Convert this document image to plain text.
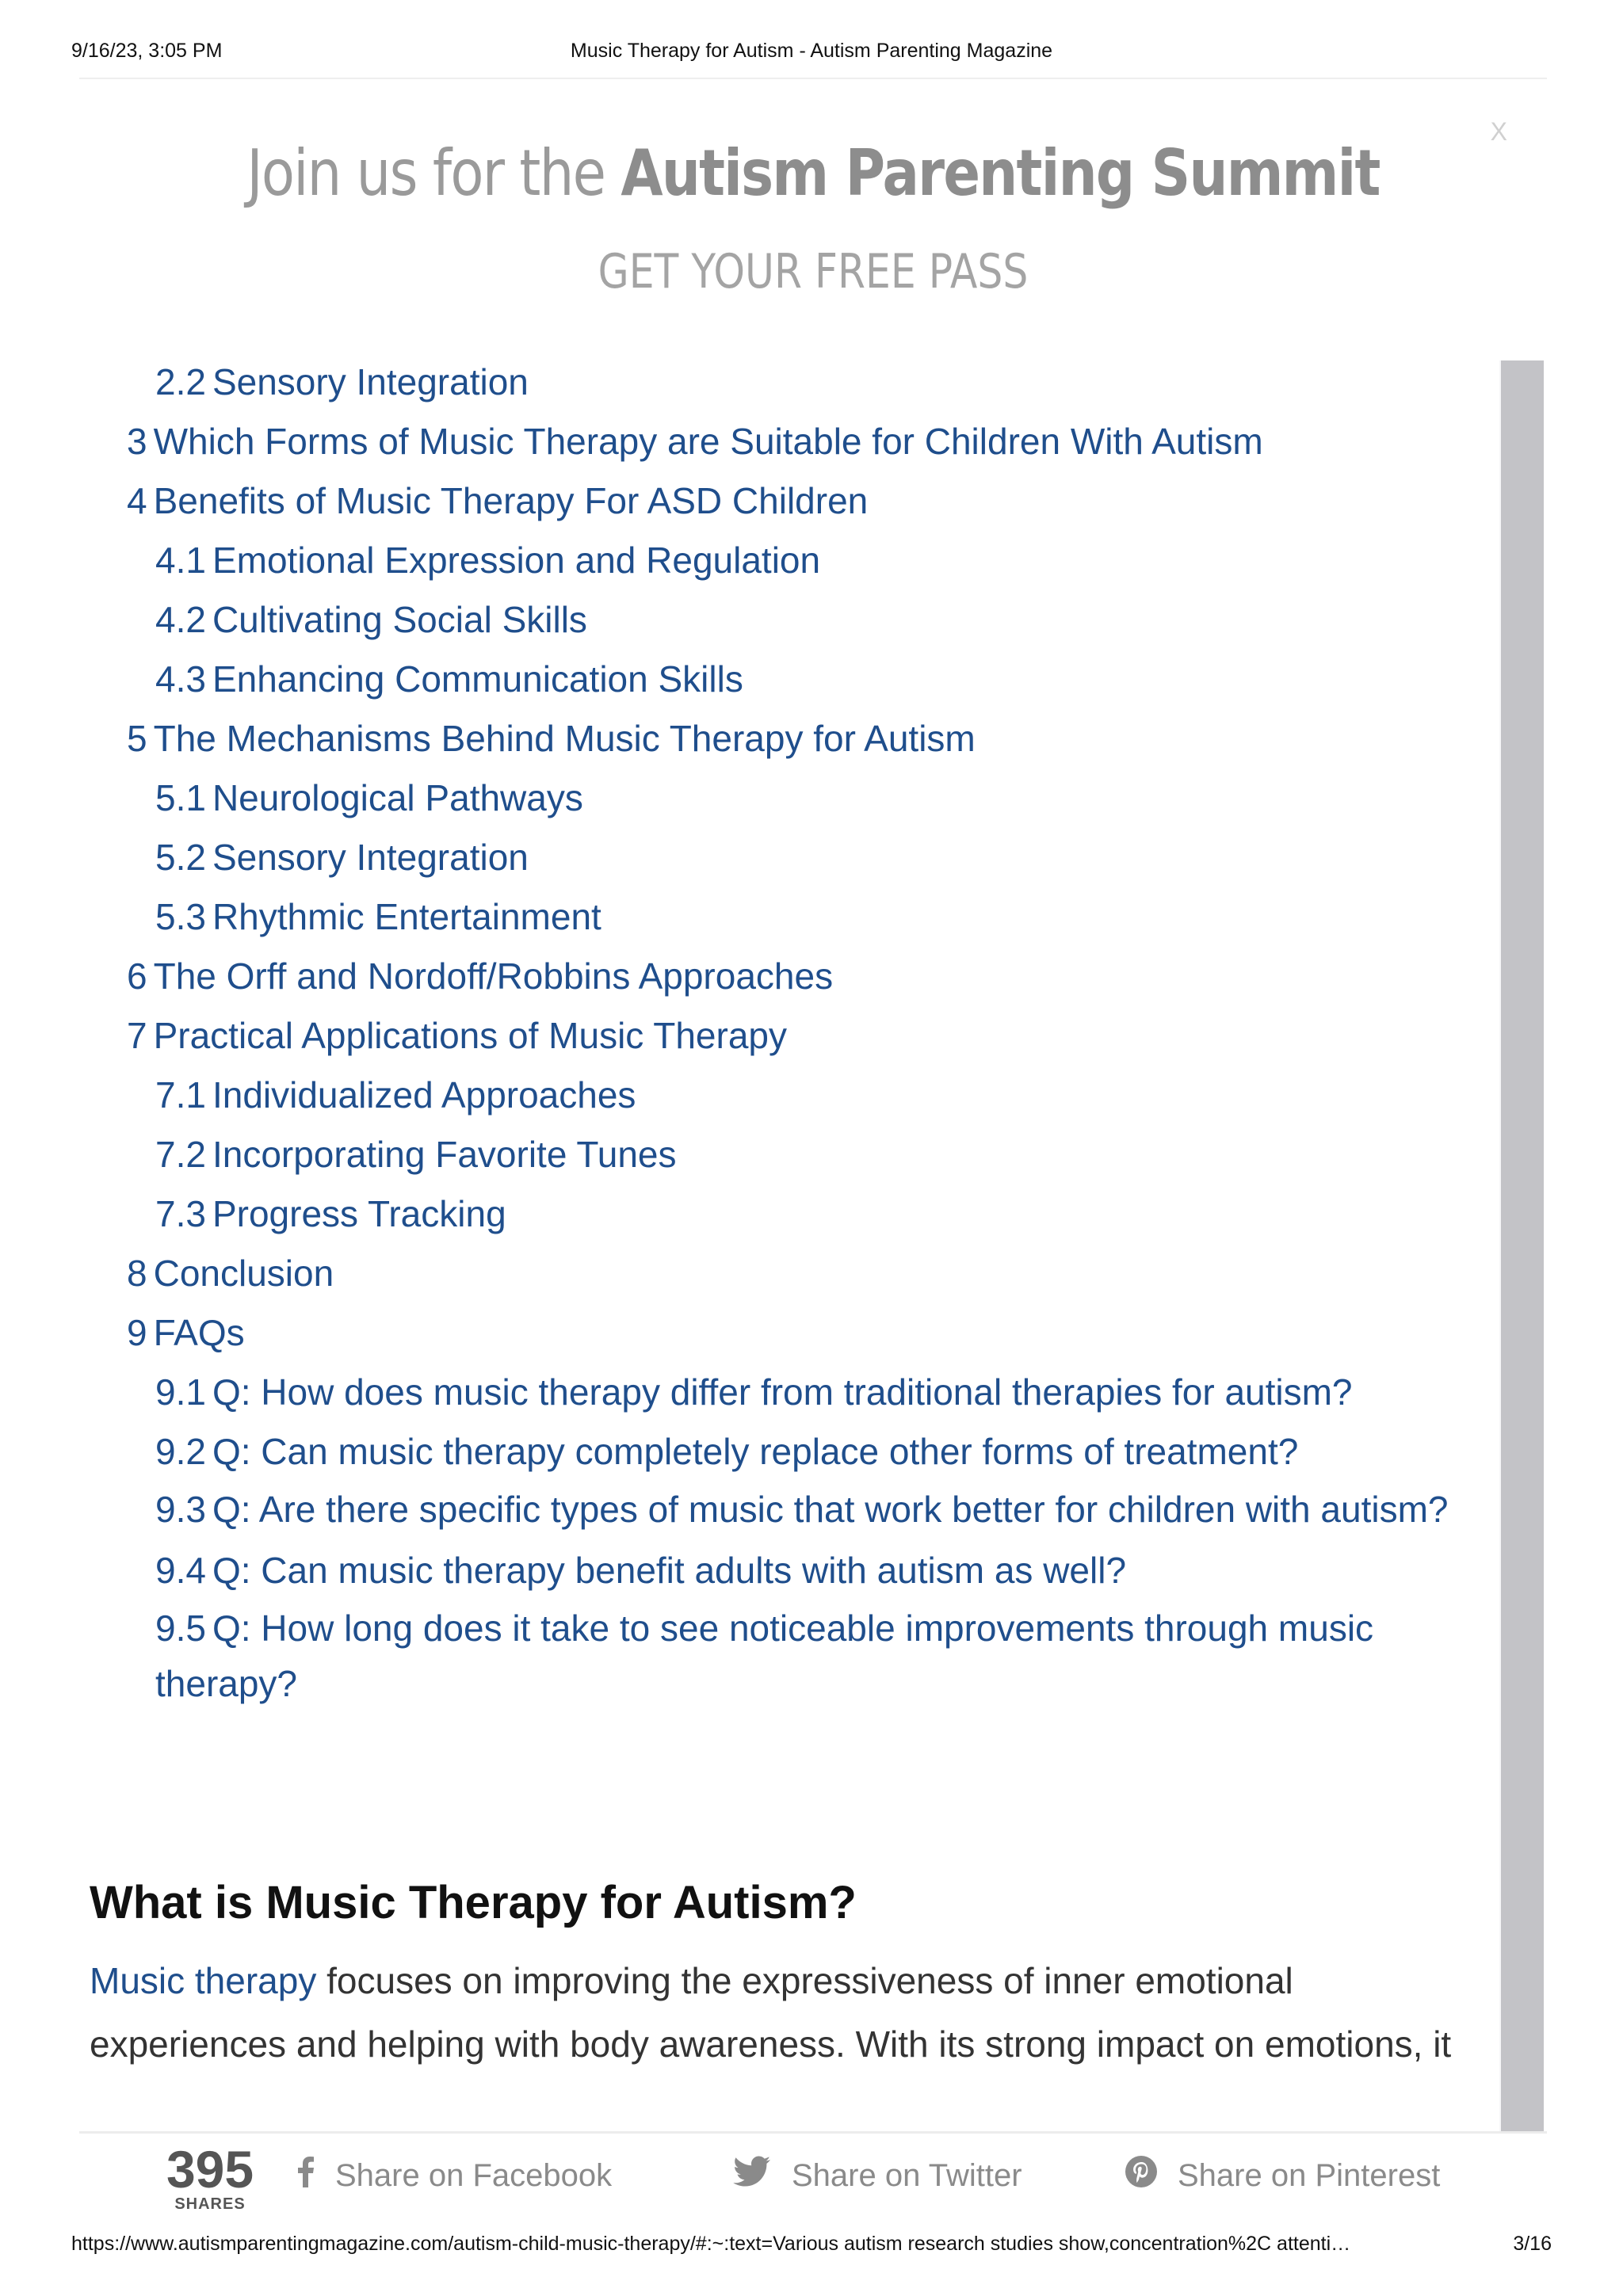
9/16/23, 3:05 PM	Music Therapy for Autism - Autism Parenting Magazine
X
Join us for the Autism Parenting Summit
GET YOUR FREE PASS
2.2 Sensory Integration
3 Which Forms of Music Therapy are Suitable for Children With Autism
4 Benefits of Music Therapy For ASD Children
4.1 Emotional Expression and Regulation
4.2 Cultivating Social Skills
4.3 Enhancing Communication Skills
5 The Mechanisms Behind Music Therapy for Autism
5.1 Neurological Pathways
5.2 Sensory Integration
5.3 Rhythmic Entertainment
6 The Orff and Nordoff/Robbins Approaches
7 Practical Applications of Music Therapy
7.1 Individualized Approaches
7.2 Incorporating Favorite Tunes
7.3 Progress Tracking
8 Conclusion
9 FAQs
9.1 Q: How does music therapy differ from traditional therapies for autism?
9.2 Q: Can music therapy completely replace other forms of treatment?
9.3 Q: Are there specific types of music that work better for children with autism?
9.4 Q: Can music therapy benefit adults with autism as well?
9.5 Q: How long does it take to see noticeable improvements through music therapy?
What is Music Therapy for Autism?

Music therapy focuses on improving the expressiveness of inner emotional experiences and helping with body awareness. With its strong impact on emotions, it

395
SHARES
Share on Facebook	Share on Twitter	Share on Pinterest
https://www.autismparentingmagazine.com/autism-child-music-therapy/#:~:text=Various autism research studies show,concentration%2C attenti…	3/16
